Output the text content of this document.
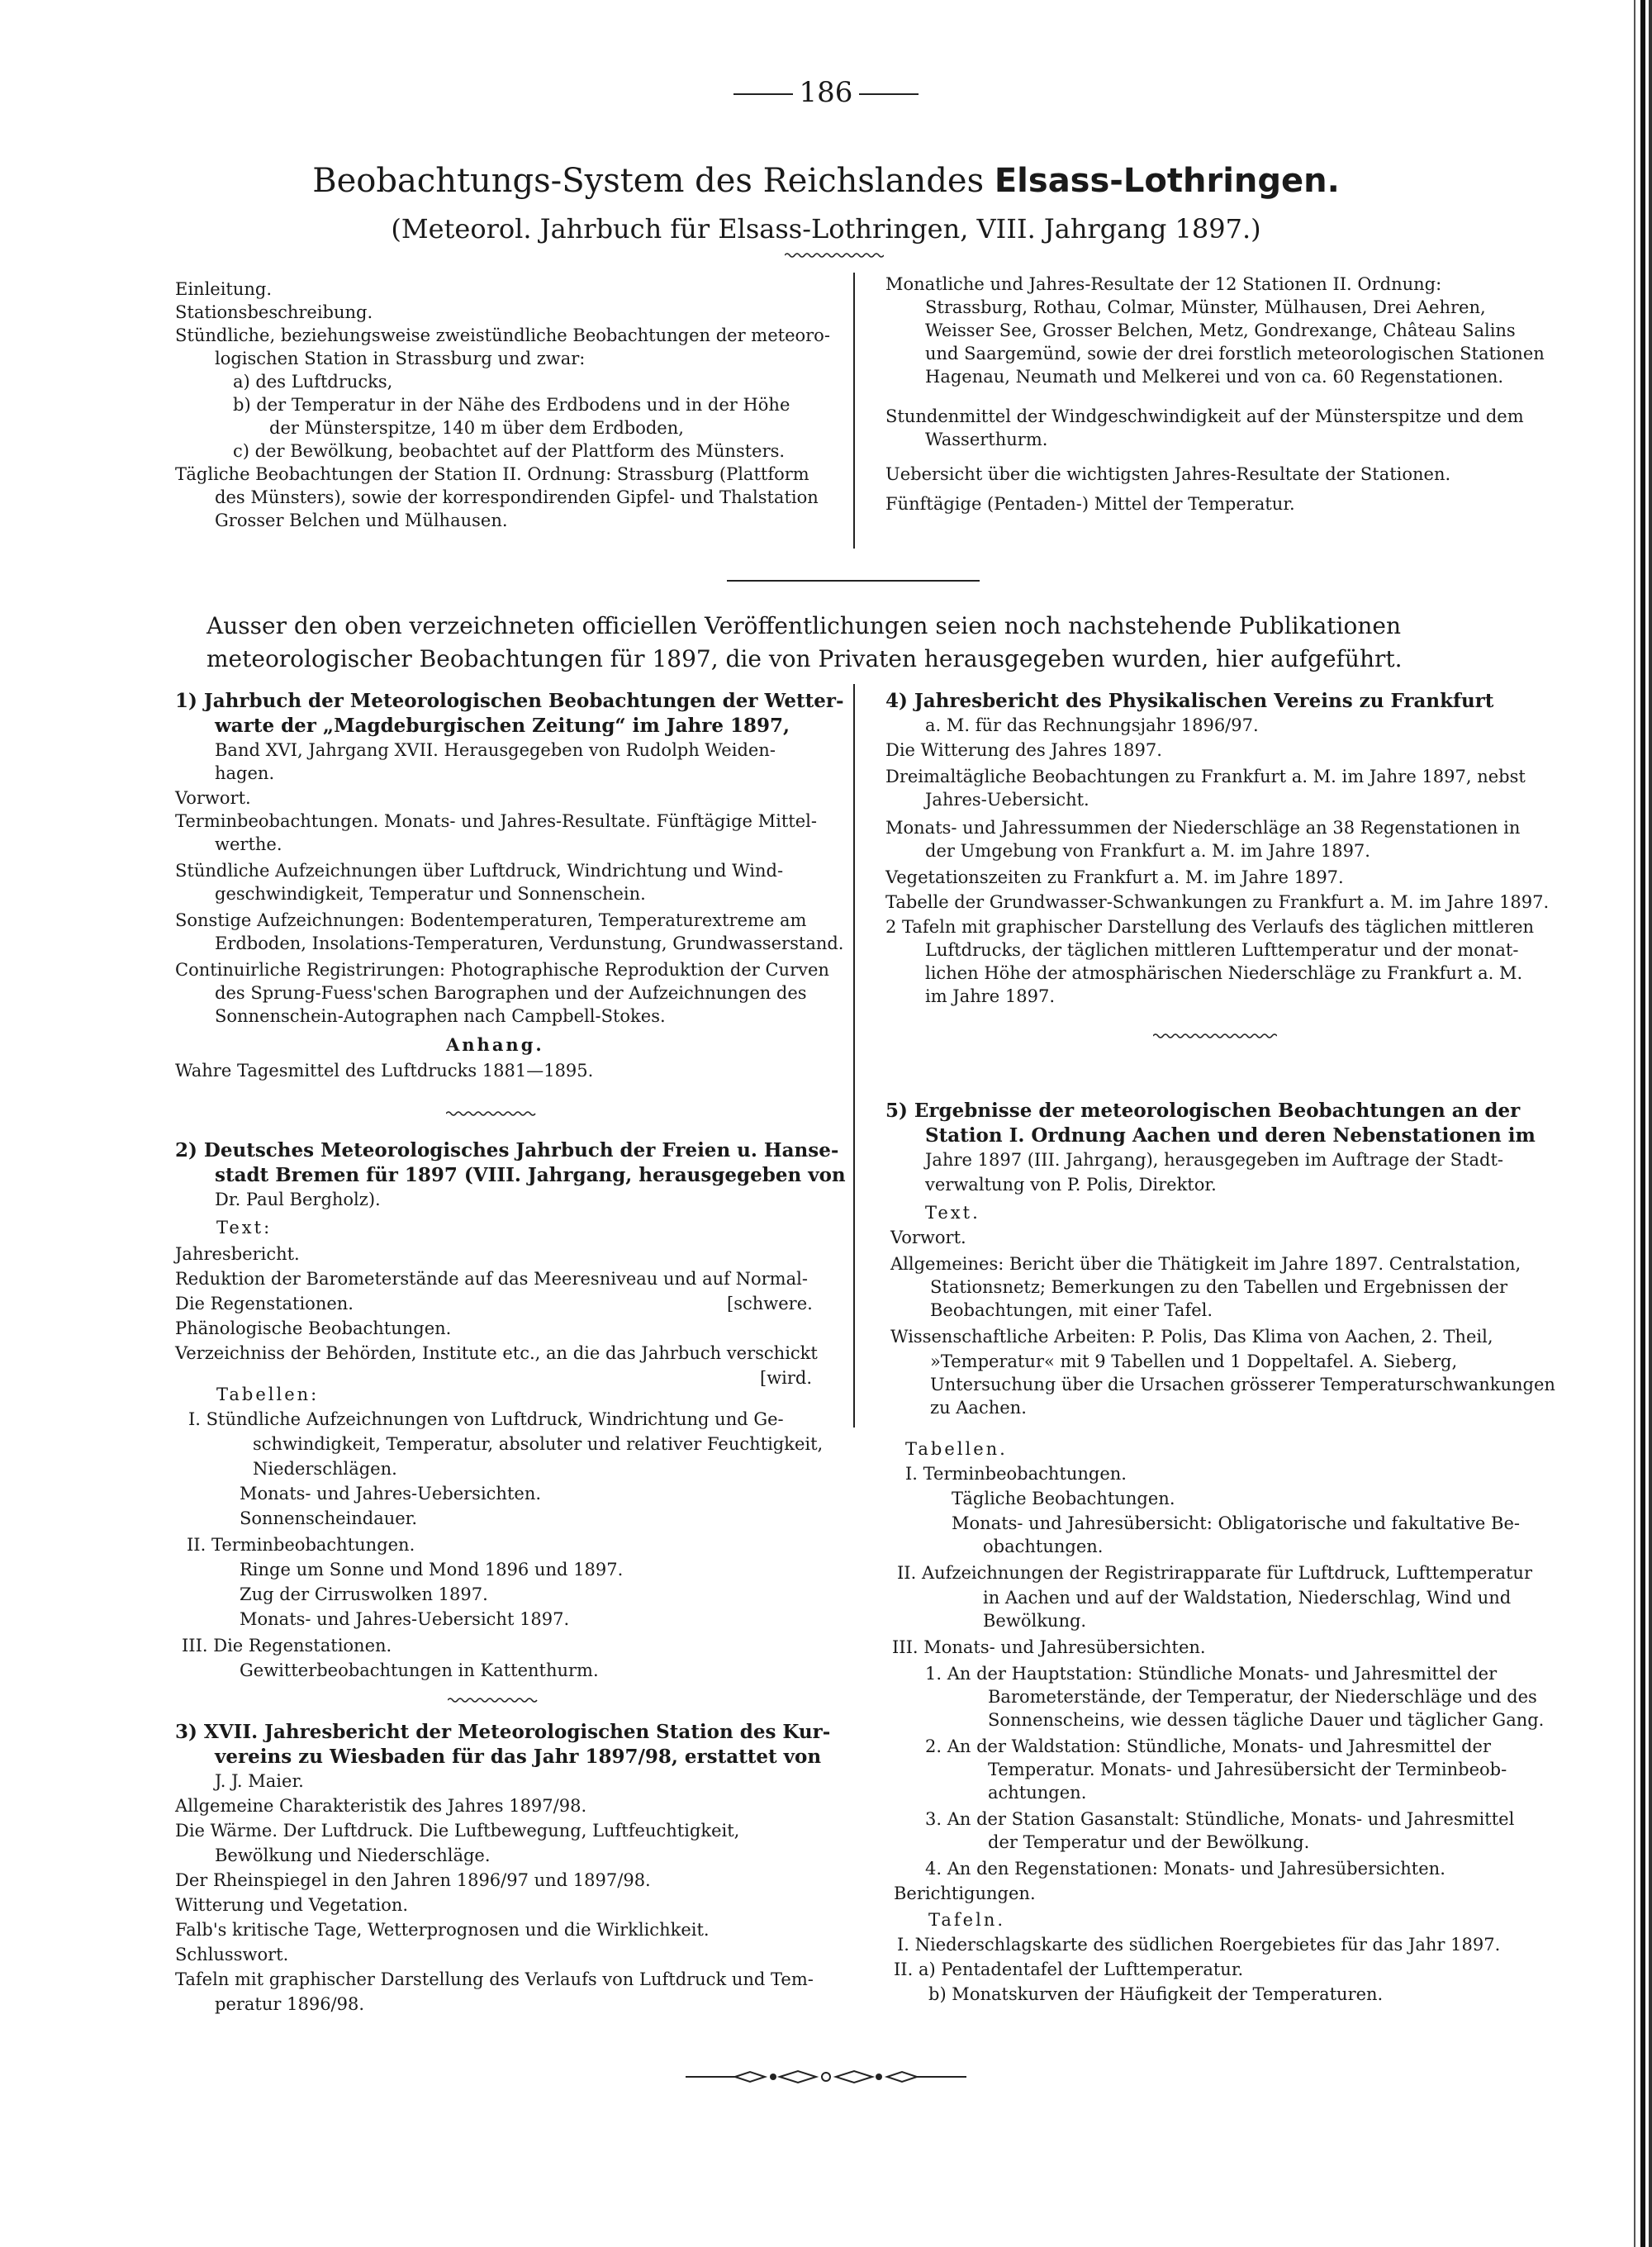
186
Beobachtungs-System des Reichslandes Elsass-Lothringen.
(Meteorol. Jahrbuch für Elsass-Lothringen, VIII. Jahrgang 1897.)
Einleitung.
Stationsbeschreibung.
Stündliche, beziehungsweise zweistündliche Beobachtungen der meteoro-
logischen Station in Strassburg und zwar:
a) des Luftdrucks,
b) der Temperatur in der Nähe des Erdbodens und in der Höhe
der Münsterspitze, 140 m über dem Erdboden,
c) der Bewölkung, beobachtet auf der Plattform des Münsters.
Tägliche Beobachtungen der Station II. Ordnung: Strassburg (Plattform
des Münsters), sowie der korrespondirenden Gipfel- und Thalstation
Grosser Belchen und Mülhausen.
Monatliche und Jahres-Resultate der 12 Stationen II. Ordnung:
Strassburg, Rothau, Colmar, Münster, Mülhausen, Drei Aehren,
Weisser See, Grosser Belchen, Metz, Gondrexange, Château Salins
und Saargemünd, sowie der drei forstlich meteorologischen Stationen
Hagenau, Neumath und Melkerei und von ca. 60 Regenstationen.
Stundenmittel der Windgeschwindigkeit auf der Münsterspitze und dem
Wasserthurm.
Uebersicht über die wichtigsten Jahres-Resultate der Stationen.
Fünftägige (Pentaden-) Mittel der Temperatur.
Ausser den oben verzeichneten officiellen Veröffentlichungen seien noch nachstehende Publikationen meteorologischer Beobachtungen für 1897, die von Privaten herausgegeben wurden, hier aufgeführt.
1) Jahrbuch der Meteorologischen Beobachtungen der Wetter-
warte der „Magdeburgischen Zeitung“ im Jahre 1897,
Band XVI, Jahrgang XVII. Herausgegeben von Rudolph Weiden-
hagen.
Vorwort.
Terminbeobachtungen. Monats- und Jahres-Resultate. Fünftägige Mittel-
werthe.
Stündliche Aufzeichnungen über Luftdruck, Windrichtung und Wind-
geschwindigkeit, Temperatur und Sonnenschein.
Sonstige Aufzeichnungen: Bodentemperaturen, Temperaturextreme am
Erdboden, Insolations-Temperaturen, Verdunstung, Grundwasserstand.
Continuirliche Registrirungen: Photographische Reproduktion der Curven
des Sprung-Fuess'schen Barographen und der Aufzeichnungen des
Sonnenschein-Autographen nach Campbell-Stokes.
Anhang.
Wahre Tagesmittel des Luftdrucks 1881—1895.
2) Deutsches Meteorologisches Jahrbuch der Freien u. Hanse-
stadt Bremen für 1897 (VIII. Jahrgang, herausgegeben von
Dr. Paul Bergholz).
Text:
Jahresbericht.
Reduktion der Barometerstände auf das Meeresniveau und auf Normal-
Die Regenstationen.	[schwere.
Phänologische Beobachtungen.
Verzeichniss der Behörden, Institute etc., an die das Jahrbuch verschickt
[wird.
Tabellen:
I. Stündliche Aufzeichnungen von Luftdruck, Windrichtung und Ge-
schwindigkeit, Temperatur, absoluter und relativer Feuchtigkeit,
Niederschlägen.
Monats- und Jahres-Uebersichten.
Sonnenscheindauer.
II. Terminbeobachtungen.
Ringe um Sonne und Mond 1896 und 1897.
Zug der Cirruswolken 1897.
Monats- und Jahres-Uebersicht 1897.
III. Die Regenstationen.
Gewitterbeobachtungen in Kattenthurm.
3) XVII. Jahresbericht der Meteorologischen Station des Kur-
vereins zu Wiesbaden für das Jahr 1897/98, erstattet von
J. J. Maier.
Allgemeine Charakteristik des Jahres 1897/98.
Die Wärme. Der Luftdruck. Die Luftbewegung, Luftfeuchtigkeit,
Bewölkung und Niederschläge.
Der Rheinspiegel in den Jahren 1896/97 und 1897/98.
Witterung und Vegetation.
Falb's kritische Tage, Wetterprognosen und die Wirklichkeit.
Schlusswort.
Tafeln mit graphischer Darstellung des Verlaufs von Luftdruck und Tem-
peratur 1896/98.
4) Jahresbericht des Physikalischen Vereins zu Frankfurt
a. M. für das Rechnungsjahr 1896/97.
Die Witterung des Jahres 1897.
Dreimaltägliche Beobachtungen zu Frankfurt a. M. im Jahre 1897, nebst
Jahres-Uebersicht.
Monats- und Jahressummen der Niederschläge an 38 Regenstationen in
der Umgebung von Frankfurt a. M. im Jahre 1897.
Vegetationszeiten zu Frankfurt a. M. im Jahre 1897.
Tabelle der Grundwasser-Schwankungen zu Frankfurt a. M. im Jahre 1897.
2 Tafeln mit graphischer Darstellung des Verlaufs des täglichen mittleren
Luftdrucks, der täglichen mittleren Lufttemperatur und der monat-
lichen Höhe der atmosphärischen Niederschläge zu Frankfurt a. M.
im Jahre 1897.
5) Ergebnisse der meteorologischen Beobachtungen an der
Station I. Ordnung Aachen und deren Nebenstationen im
Jahre 1897 (III. Jahrgang), herausgegeben im Auftrage der Stadt-
verwaltung von P. Polis, Direktor.
Text.
Vorwort.
Allgemeines: Bericht über die Thätigkeit im Jahre 1897. Centralstation,
Stationsnetz; Bemerkungen zu den Tabellen und Ergebnissen der
Beobachtungen, mit einer Tafel.
Wissenschaftliche Arbeiten: P. Polis, Das Klima von Aachen, 2. Theil,
»Temperatur« mit 9 Tabellen und 1 Doppeltafel. A. Sieberg,
Untersuchung über die Ursachen grösserer Temperaturschwankungen
zu Aachen.
Tabellen.
I. Terminbeobachtungen.
Tägliche Beobachtungen.
Monats- und Jahresübersicht: Obligatorische und fakultative Be-
obachtungen.
II. Aufzeichnungen der Registrirapparate für Luftdruck, Lufttemperatur
in Aachen und auf der Waldstation, Niederschlag, Wind und
Bewölkung.
III. Monats- und Jahresübersichten.
1. An der Hauptstation: Stündliche Monats- und Jahresmittel der
Barometerstände, der Temperatur, der Niederschläge und des
Sonnenscheins, wie dessen tägliche Dauer und täglicher Gang.
2. An der Waldstation: Stündliche, Monats- und Jahresmittel der
Temperatur. Monats- und Jahresübersicht der Terminbeob-
achtungen.
3. An der Station Gasanstalt: Stündliche, Monats- und Jahresmittel
der Temperatur und der Bewölkung.
4. An den Regenstationen: Monats- und Jahresübersichten.
Berichtigungen.
Tafeln.
I. Niederschlagskarte des südlichen Roergebietes für das Jahr 1897.
II. a) Pentadentafel der Lufttemperatur.
b) Monatskurven der Häufigkeit der Temperaturen.
